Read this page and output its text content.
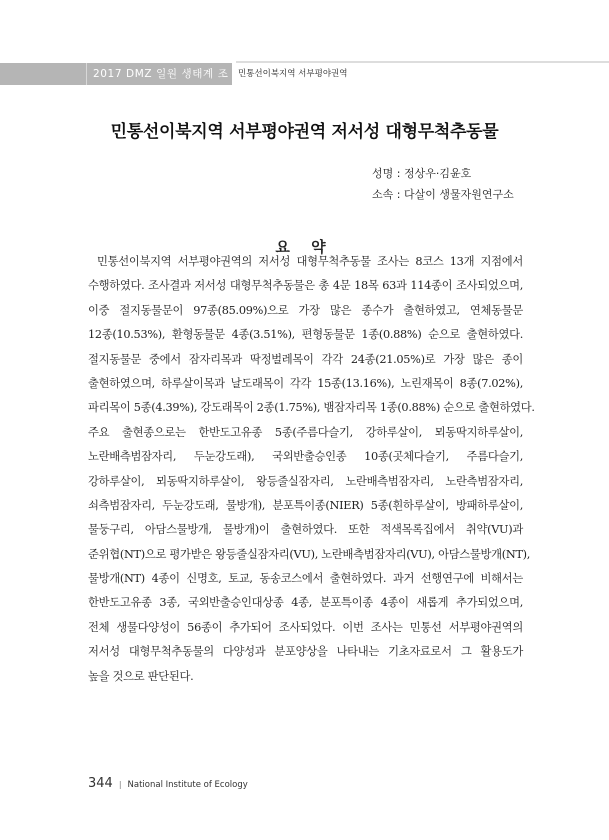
2017 DMZ 일원 생태계 조사
민통선이북지역 서부평야권역
민통선이북지역 서부평야권역 저서성 대형무척추동물
성명 : 정상우·김윤호
소속 : 다살이 생물자원연구소
요 약
민통선이북지역 서부평야권역의 저서성 대형무척추동물 조사는 8코스 13개 지점에서
수행하였다. 조사결과 저서성 대형무척추동물은 총 4문 18목 63과 114종이 조사되었으며,
이중 절지동물문이 97종(85.09%)으로 가장 많은 종수가 출현하였고, 연체동물문
12종(10.53%), 환형동물문 4종(3.51%), 편형동물문 1종(0.88%) 순으로 출현하였다.
절지동물문 중에서 잠자리목과 딱정벌레목이 각각 24종(21.05%)로 가장 많은 종이
출현하였으며, 하루살이목과 날도래목이 각각 15종(13.16%), 노린재목이 8종(7.02%),
파리목이 5종(4.39%), 강도래목이 2종(1.75%), 뱀잠자리목 1종(0.88%) 순으로 출현하였다.
주요 출현종으로는 한반도고유종 5종(주름다슬기, 강하루살이, 뫼동딱지하루살이,
노란배측범잠자리, 두눈강도래), 국외반출승인종 10종(곳체다슬기, 주름다슬기,
강하루살이, 뫼동딱지하루살이, 왕등줄실잠자리, 노란배측범잠자리, 노란측범잠자리,
쇠측범잠자리, 두눈강도래, 물방개), 분포특이종(NIER) 5종(흰하루살이, 방패하루살이,
물둥구리, 아담스물방개, 물방개)이 출현하였다. 또한 적색목록집에서 취약(VU)과
준위협(NT)으로 평가받은 왕등줄실잠자리(VU), 노란배측범잠자리(VU), 아담스물방개(NT),
물방개(NT) 4종이 신명호, 토교, 동송코스에서 출현하였다. 과거 선행연구에 비해서는
한반도고유종 3종, 국외반출승인대상종 4종, 분포특이종 4종이 새롭게 추가되었으며,
전체 생물다양성이 56종이 추가되어 조사되었다. 이번 조사는 민통선 서부평야권역의
저서성 대형무척추동물의 다양성과 분포양상을 나타내는 기초자료로서 그 활용도가
높을 것으로 판단된다.
344 | National Institute of Ecology
